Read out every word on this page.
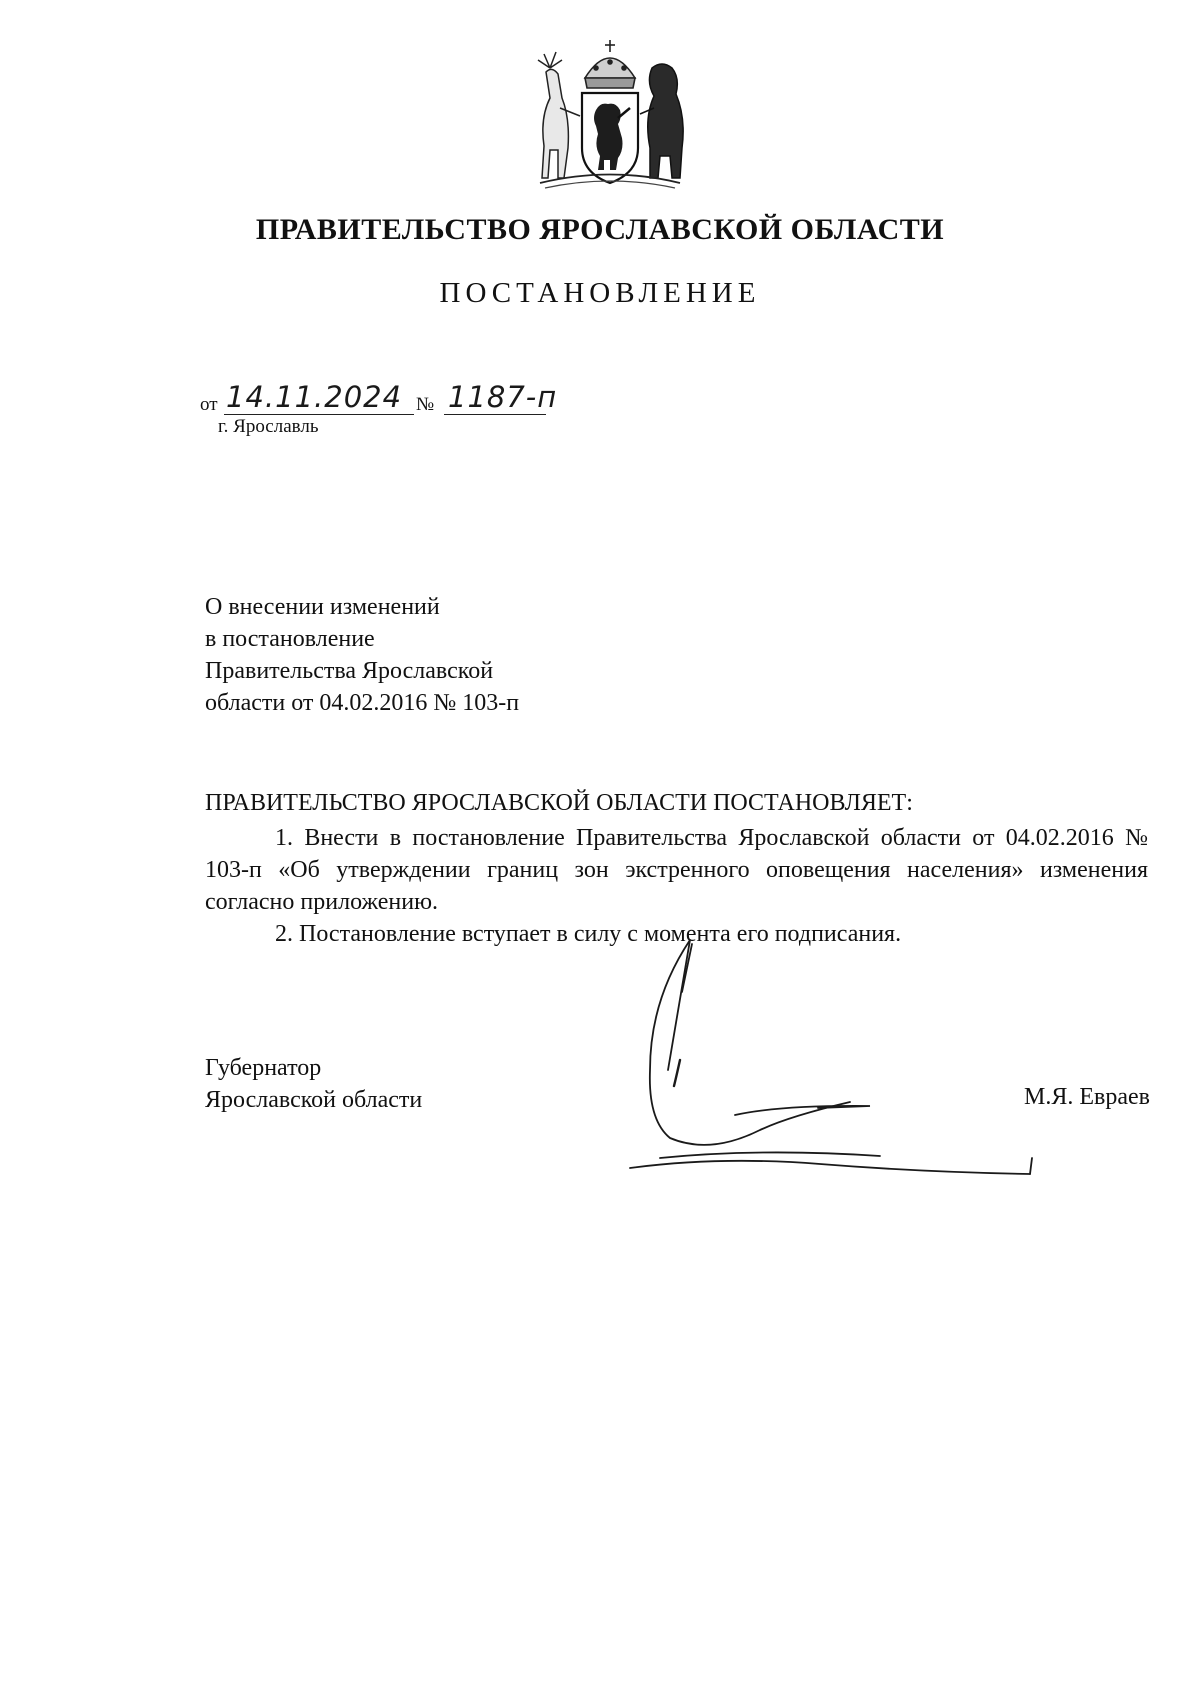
ПРАВИТЕЛЬСТВО ЯРОСЛАВСКОЙ ОБЛАСТИ
ПОСТАНОВЛЕНИЕ
от 14.11.2024 № 1187-п
г. Ярославль
О внесении изменений
в постановление
Правительства Ярославской
области от 04.02.2016 № 103-п
ПРАВИТЕЛЬСТВО ЯРОСЛАВСКОЙ ОБЛАСТИ ПОСТАНОВЛЯЕТ:

1. Внести в постановление Правительства Ярославской области от 04.02.2016 № 103-п «Об утверждении границ зон экстренного оповещения населения» изменения согласно приложению.

2. Постановление вступает в силу с момента его подписания.

Губернатор
Ярославской области	М.Я. Евраев
